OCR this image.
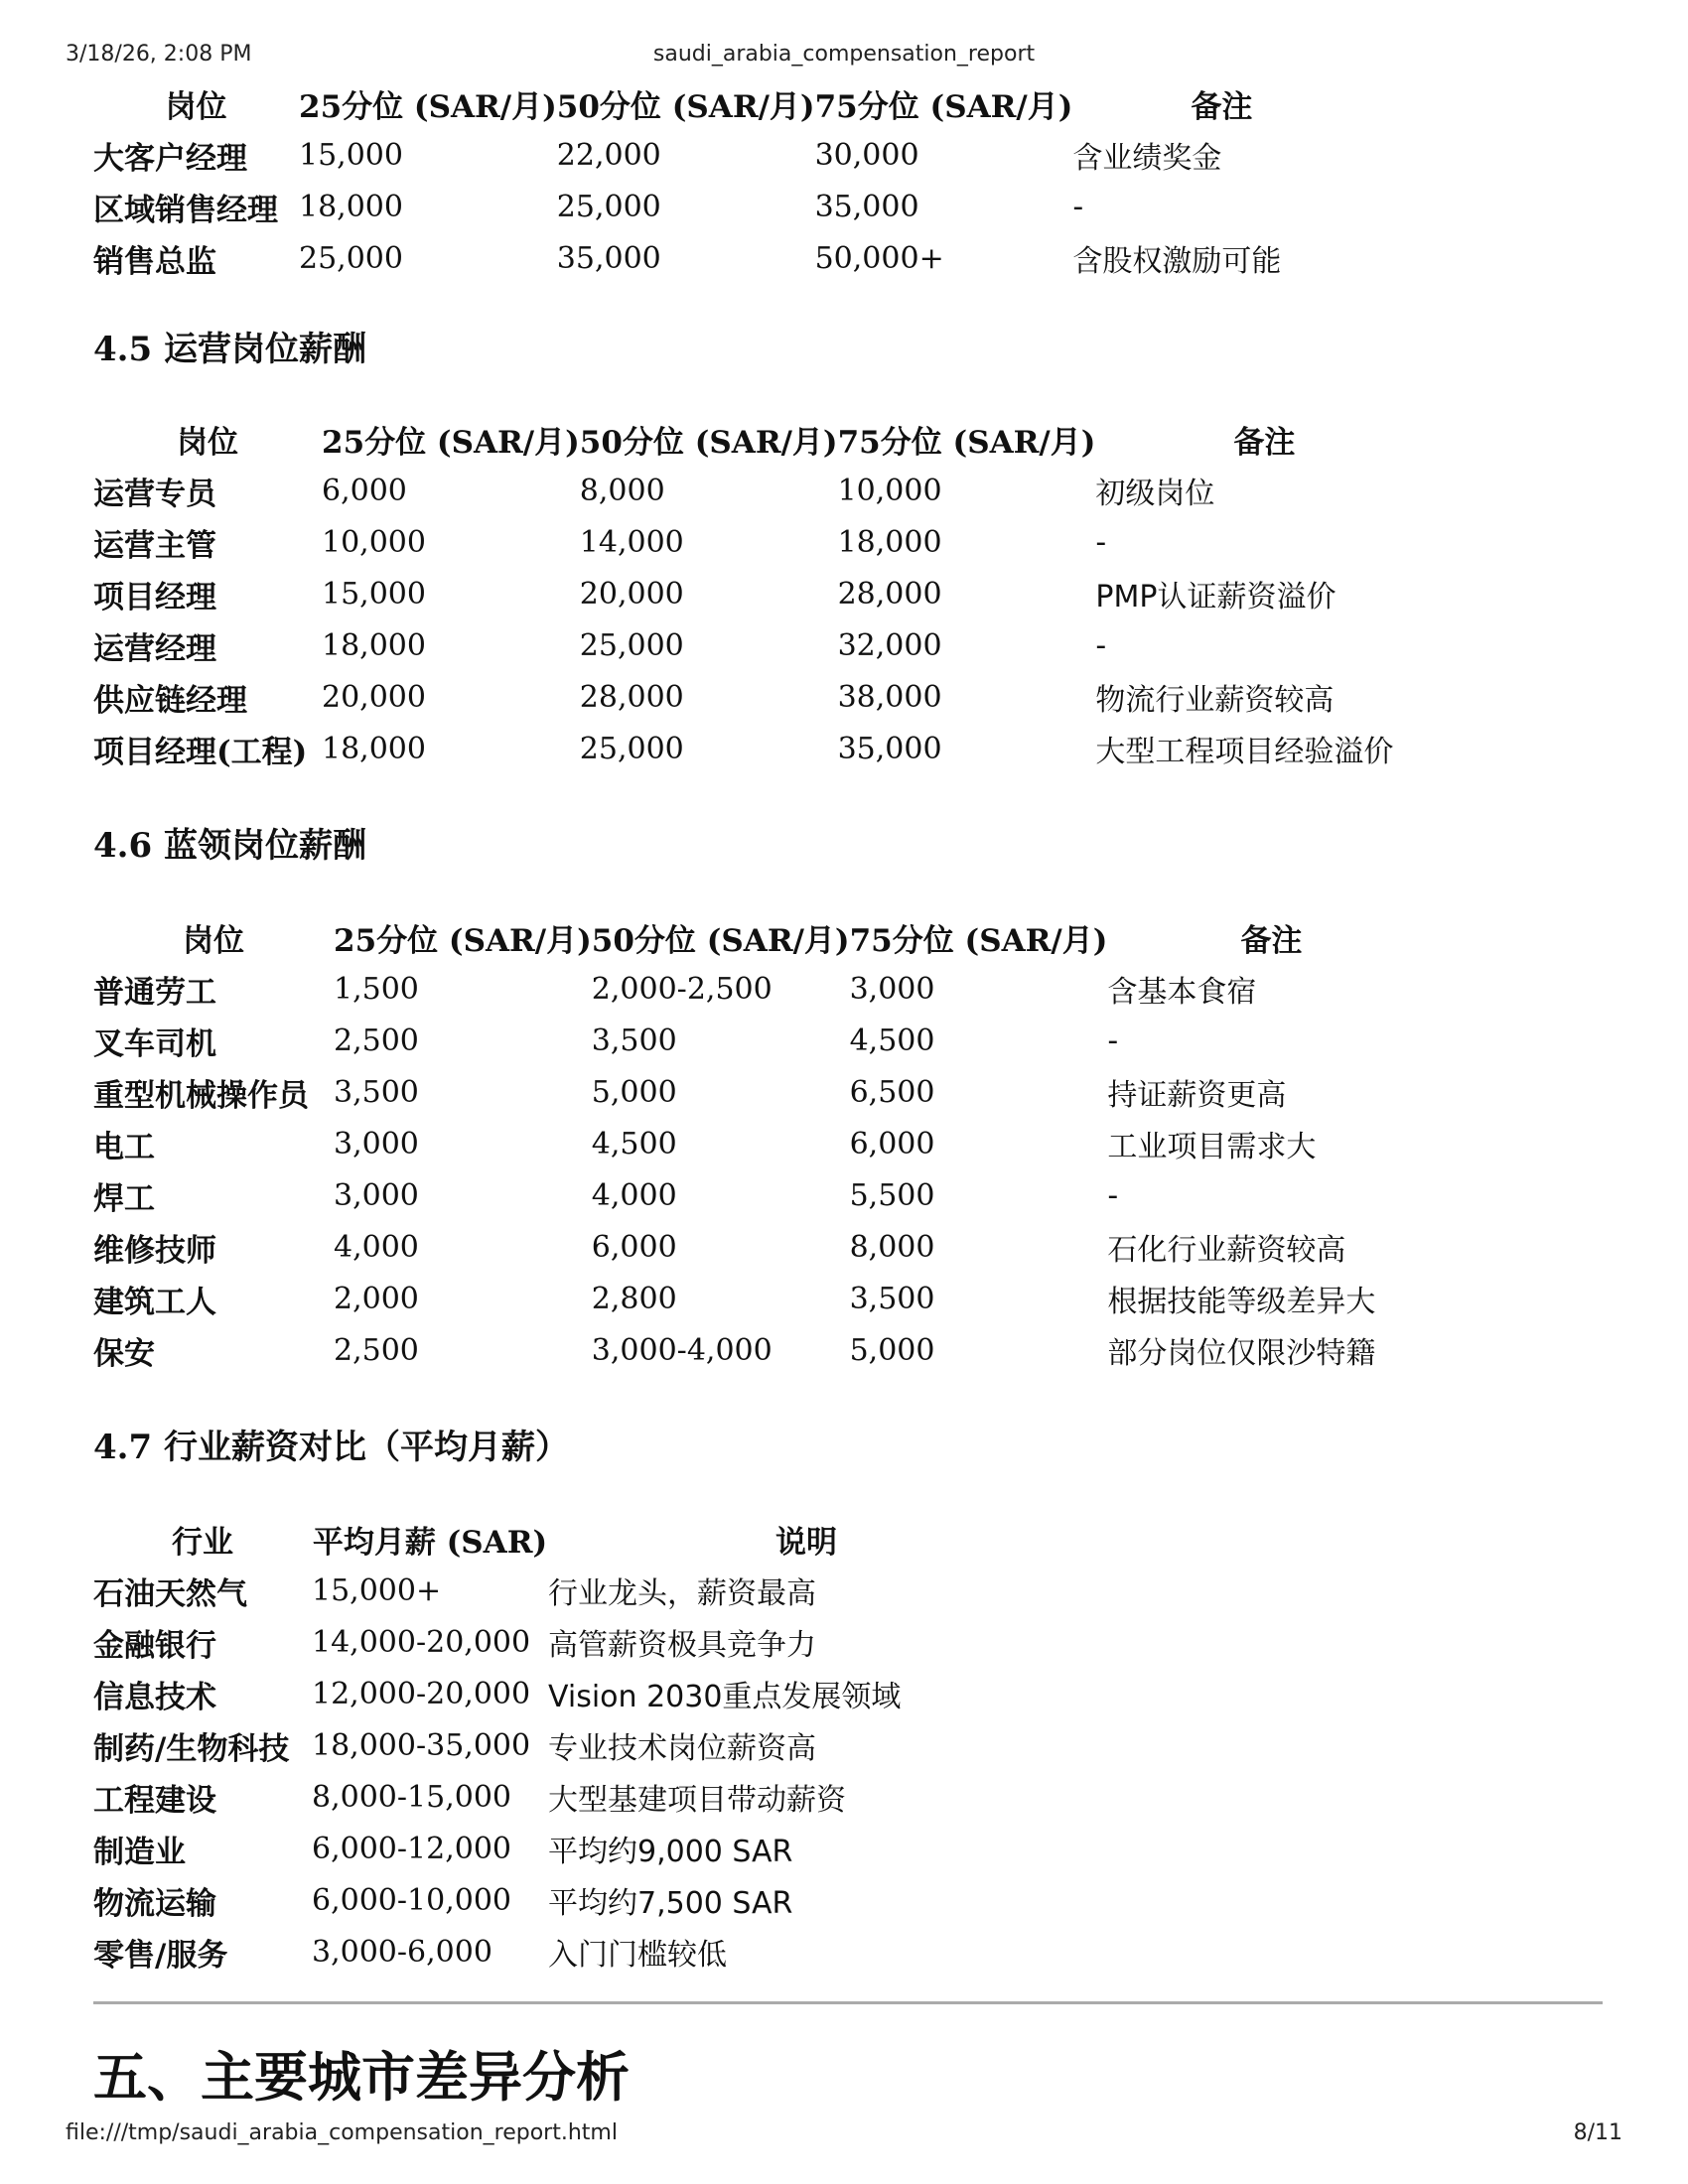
3/18/26, 2:08 PM	saudi_arabia_compensation_report
岗位	25分位 (SAR/月)	50分位 (SAR/月)	75分位 (SAR/月)	备注
大客户经理	15,000	22,000	30,000	含业绩奖金
区域销售经理	18,000	25,000	35,000	-
销售总监	25,000	35,000	50,000+	含股权激励可能
4.5 运营岗位薪酬
岗位	25分位 (SAR/月)	50分位 (SAR/月)	75分位 (SAR/月)	备注
运营专员	6,000	8,000	10,000	初级岗位
运营主管	10,000	14,000	18,000	-
项目经理	15,000	20,000	28,000	PMP认证薪资溢价
运营经理	18,000	25,000	32,000	-
供应链经理	20,000	28,000	38,000	物流行业薪资较高
项目经理(工程)	18,000	25,000	35,000	大型工程项目经验溢价
4.6 蓝领岗位薪酬
岗位	25分位 (SAR/月)	50分位 (SAR/月)	75分位 (SAR/月)	备注
普通劳工	1,500	2,000-2,500	3,000	含基本食宿
叉车司机	2,500	3,500	4,500	-
重型机械操作员	3,500	5,000	6,500	持证薪资更高
电工	3,000	4,500	6,000	工业项目需求大
焊工	3,000	4,000	5,500	-
维修技师	4,000	6,000	8,000	石化行业薪资较高
建筑工人	2,000	2,800	3,500	根据技能等级差异大
保安	2,500	3,000-4,000	5,000	部分岗位仅限沙特籍
4.7 行业薪资对比（平均月薪）
行业	平均月薪 (SAR)	说明
石油天然气	15,000+	行业龙头，薪资最高
金融银行	14,000-20,000	高管薪资极具竞争力
信息技术	12,000-20,000	Vision 2030重点发展领域
制药/生物科技	18,000-35,000	专业技术岗位薪资高
工程建设	8,000-15,000	大型基建项目带动薪资
制造业	6,000-12,000	平均约9,000 SAR
物流运输	6,000-10,000	平均约7,500 SAR
零售/服务	3,000-6,000	入门门槛较低
五、主要城市差异分析
file:///tmp/saudi_arabia_compensation_report.html	8/11
